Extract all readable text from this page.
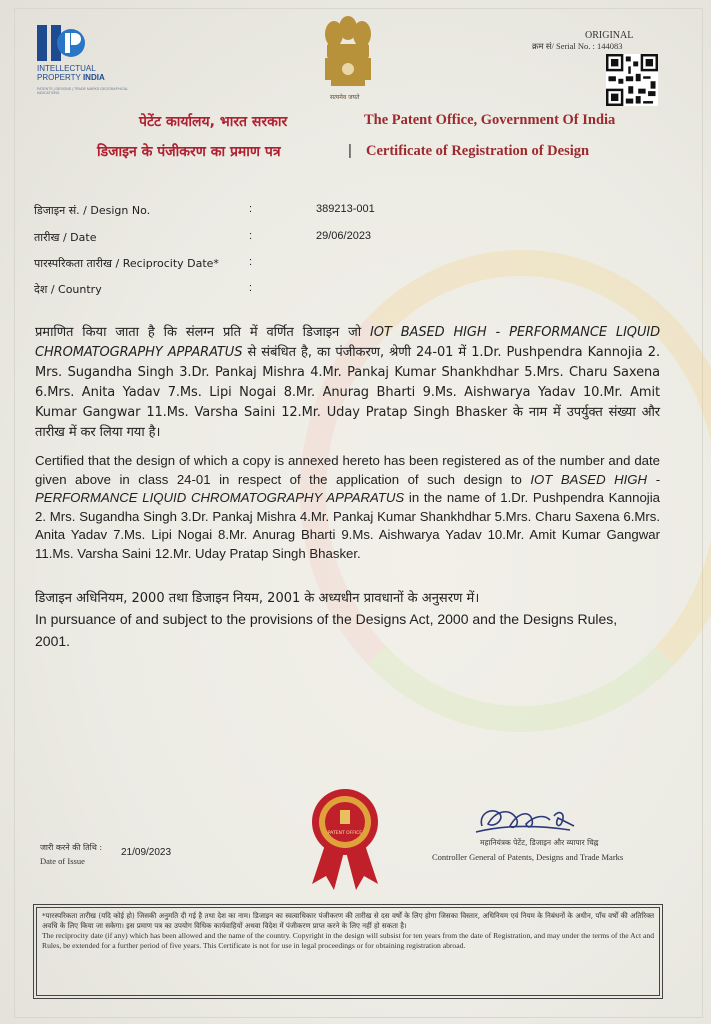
INTELLECTUAL
PROPERTY INDIA
PATENTS | DESIGNS | TRADE MARKS GEOGRAPHICAL INDICATIONS
सत्यमेव जयते
ORIGINAL
क्रम सं/ Serial No. : 144083
पेटेंट कार्यालय, भारत सरकार	The Patent Office, Government Of India
डिजाइन के पंजीकरण का प्रमाण पत्र	| Certificate of Registration of Design
डिजाइन सं. / Design No.	:	389213-001
तारीख / Date	:	29/06/2023
पारस्परिकता तारीख / Reciprocity Date*	:
देश / Country	:
प्रमाणित किया जाता है कि संलग्न प्रति में वर्णित डिजाइन जो IOT BASED HIGH - PERFORMANCE LIQUID CHROMATOGRAPHY APPARATUS से संबंधित है, का पंजीकरण, श्रेणी 24-01 में 1.Dr. Pushpendra Kannojia 2. Mrs. Sugandha Singh 3.Dr. Pankaj Mishra 4.Mr. Pankaj Kumar Shankhdhar 5.Mrs. Charu Saxena 6.Mrs. Anita Yadav 7.Ms. Lipi Nogai 8.Mr. Anurag Bharti 9.Ms. Aishwarya Yadav 10.Mr. Amit Kumar Gangwar 11.Ms. Varsha Saini 12.Mr. Uday Pratap Singh Bhasker के नाम में उपर्युक्त संख्या और तारीख में कर लिया गया है।
Certified that the design of which a copy is annexed hereto has been registered as of the number and date given above in class 24-01 in respect of the application of such design to IOT BASED HIGH - PERFORMANCE LIQUID CHROMATOGRAPHY APPARATUS in the name of 1.Dr. Pushpendra Kannojia 2. Mrs. Sugandha Singh 3.Dr. Pankaj Mishra 4.Mr. Pankaj Kumar Shankhdhar 5.Mrs. Charu Saxena 6.Mrs. Anita Yadav 7.Ms. Lipi Nogai 8.Mr. Anurag Bharti 9.Ms. Aishwarya Yadav 10.Mr. Amit Kumar Gangwar 11.Ms. Varsha Saini 12.Mr. Uday Pratap Singh Bhasker.
डिजाइन अधिनियम, 2000 तथा डिजाइन नियम, 2001 के अध्यधीन प्रावधानों के अनुसरण में।
In pursuance of and subject to the provisions of the Designs Act, 2000 and the Designs Rules, 2001.
PATENT OFFICE
महानियंत्रक पेटेंट, डिजाइन और व्यापार चिह्न
Controller General of Patents, Designs and Trade Marks
जारी करने की तिथि :
Date of Issue
21/09/2023

*पारस्परिकता तारीख (यदि कोई हो) जिसकी अनुमति दी गई है तथा देश का नाम। डिजाइन का स्वत्वाधिकार पंजीकरण की तारीख से दस वर्षों के लिए होगा जिसका विस्तार, अधिनियम एवं नियम के निबंधनों के अधीन, पाँच वर्षों की अतिरिक्त अवधि के लिए किया जा सकेगा। इस प्रमाण पत्र का उपयोग विधिक कार्यवाहियों अथवा विदेश में पंजीकरण प्राप्त करने के लिए नहीं हो सकता है।

The reciprocity date (if any) which has been allowed and the name of the country. Copyright in the design will subsist for ten years from the date of Registration, and may under the terms of the Act and Rules, be extended for a further period of five years. This Certificate is not for use in legal proceedings or for obtaining registration abroad.
